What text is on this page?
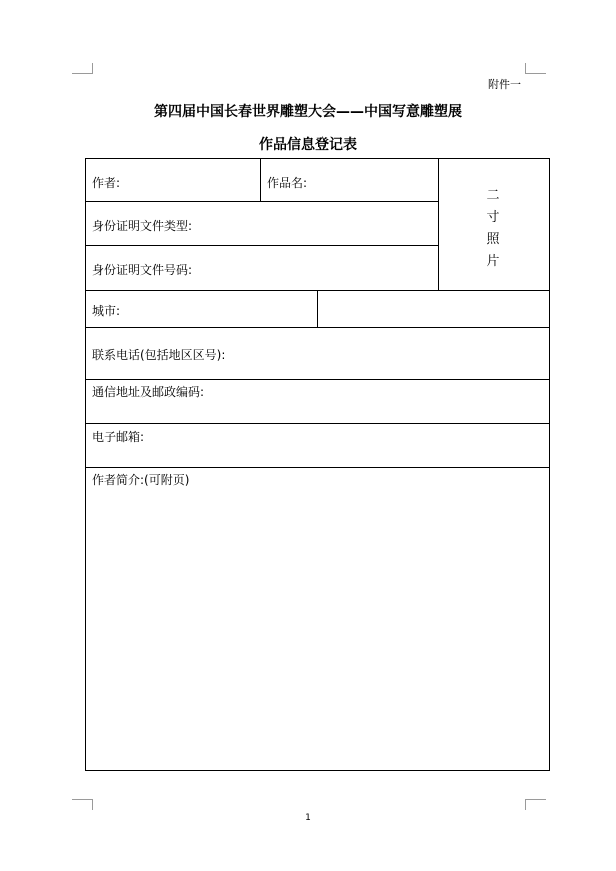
附件一
第四届中国长春世界雕塑大会——中国写意雕塑展
作品信息登记表
作者:	作品名:
二
寸
照
片
身份证明文件类型:
身份证明文件号码:
城市:
联系电话(包括地区区号):
通信地址及邮政编码:
电子邮箱:
作者简介:(可附页)
1
